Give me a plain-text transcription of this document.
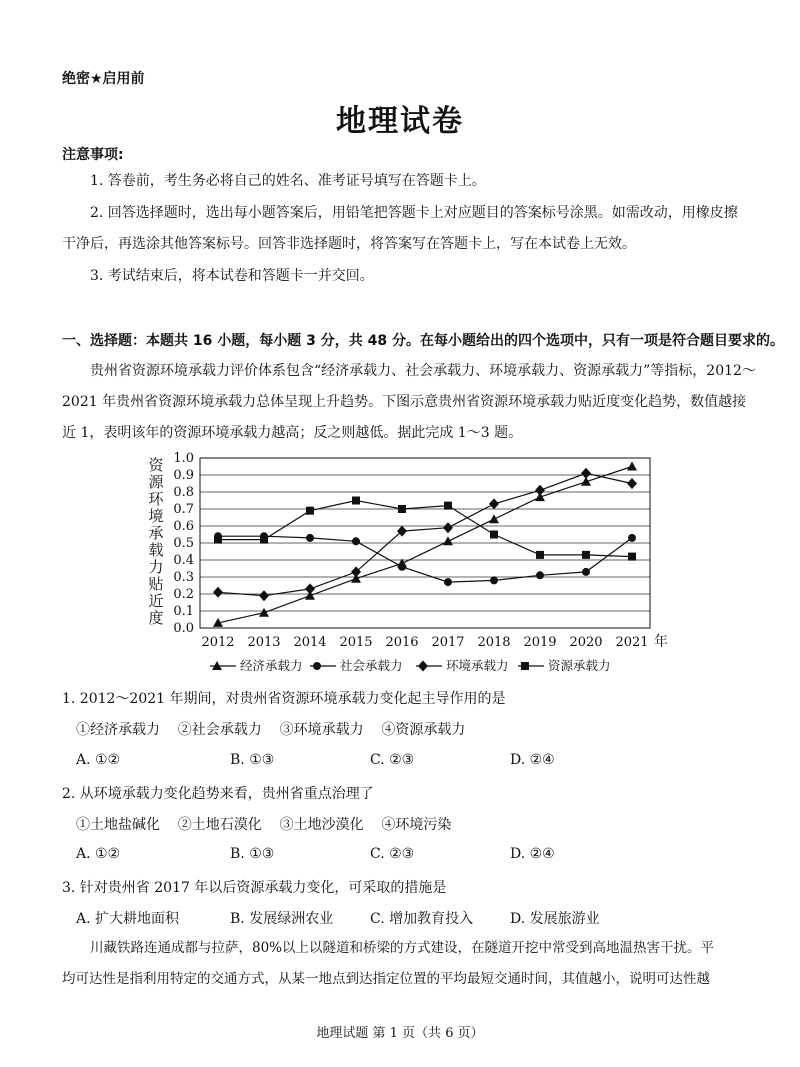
绝密★启用前
地理试卷
注意事项:
1. 答卷前，考生务必将自己的姓名、准考证号填写在答题卡上。
2. 回答选择题时，选出每小题答案后，用铅笔把答题卡上对应题目的答案标号涂黑。如需改动，用橡皮擦
干净后，再选涂其他答案标号。回答非选择题时，将答案写在答题卡上，写在本试卷上无效。
3. 考试结束后，将本试卷和答题卡一并交回。
一、选择题：本题共 16 小题，每小题 3 分，共 48 分。在每小题给出的四个选项中，只有一项是符合题目要求的。
贵州省资源环境承载力评价体系包含“经济承载力、社会承载力、环境承载力、资源承载力”等指标，2012～
2021 年贵州省资源环境承载力总体呈现上升趋势。下图示意贵州省资源环境承载力贴近度变化趋势，数值越接
近 1，表明该年的资源环境承载力越高；反之则越低。据此完成 1～3 题。
资
源
环
境
承
载
力
贴
近
度
0.0
0.1
0.2
0.3
0.4
0.5
0.6
0.7
0.8
0.9
1.0
2012 2013 2014 2015 2016 2017 2018 2019 2020 2021 年
经济承载力	社会承载力	环境承载力	资源承载力
1. 2012～2021 年期间，对贵州省资源环境承载力变化起主导作用的是
①经济承载力    ②社会承载力    ③环境承载力    ④资源承载力
A. ①②	B. ①③	C. ②③	D. ②④
2. 从环境承载力变化趋势来看，贵州省重点治理了
①土地盐碱化    ②土地石漠化    ③土地沙漠化    ④环境污染
A. ①②	B. ①③	C. ②③	D. ②④
3. 针对贵州省 2017 年以后资源承载力变化，可采取的措施是
A. 扩大耕地面积	B. 发展绿洲农业	C. 增加教育投入	D. 发展旅游业
川藏铁路连通成都与拉萨，80%以上以隧道和桥梁的方式建设，在隧道开挖中常受到高地温热害干扰。平
均可达性是指利用特定的交通方式，从某一地点到达指定位置的平均最短交通时间，其值越小，说明可达性越
地理试题 第 1 页（共 6 页）
